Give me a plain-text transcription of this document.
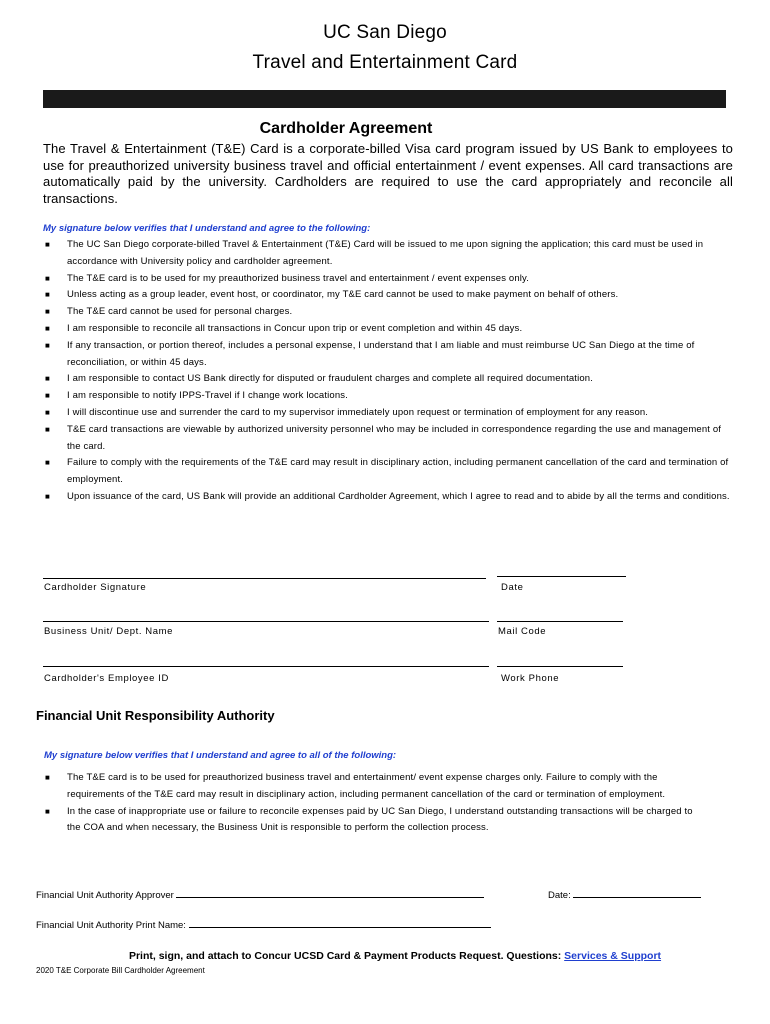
UC San Diego
Travel and Entertainment Card
Cardholder Agreement
The Travel & Entertainment (T&E) Card is a corporate-billed Visa card program issued by US Bank to employees to use for preauthorized university business travel and official entertainment / event expenses. All card transactions are automatically paid by the university. Cardholders are required to use the card appropriately and reconcile all transactions.
My signature below verifies that I understand and agree to the following:
■ The UC San Diego corporate-billed Travel & Entertainment (T&E) Card will be issued to me upon signing the application; this card must be used in accordance with University policy and cardholder agreement.
■ The T&E card is to be used for my preauthorized business travel and entertainment / event expenses only.
■ Unless acting as a group leader, event host, or coordinator, my T&E card cannot be used to make payment on behalf of others.
■ The T&E card cannot be used for personal charges.
■ I am responsible to reconcile all transactions in Concur upon trip or event completion and within 45 days.
■ If any transaction, or portion thereof, includes a personal expense, I understand that I am liable and must reimburse UC San Diego at the time of reconciliation, or within 45 days.
■ I am responsible to contact US Bank directly for disputed or fraudulent charges and complete all required documentation.
■ I am responsible to notify IPPS-Travel if I change work locations.
■ I will discontinue use and surrender the card to my supervisor immediately upon request or termination of employment for any reason.
■ T&E card transactions are viewable by authorized university personnel who may be included in correspondence regarding the use and management of the card.
■ Failure to comply with the requirements of the T&E card may result in disciplinary action, including permanent cancellation of the card and termination of employment.
■ Upon issuance of the card, US Bank will provide an additional Cardholder Agreement, which I agree to read and to abide by all the terms and conditions.
Cardholder Signature	Date
Business Unit/ Dept. Name	Mail Code
Cardholder's Employee ID	Work Phone
Financial Unit Responsibility Authority
My signature below verifies that I understand and agree to all of the following:
■ The T&E card is to be used for preauthorized business travel and entertainment/ event expense charges only. Failure to comply with the requirements of the T&E card may result in disciplinary action, including permanent cancellation of the card or termination of employment.
■ In the case of inappropriate use or failure to reconcile expenses paid by UC San Diego, I understand outstanding transactions will be charged to the COA and when necessary, the Business Unit is responsible to perform the collection process.
Financial Unit Authority Approver	Date:
Financial Unit Authority Print Name:
Print, sign, and attach to Concur UCSD Card & Payment Products Request. Questions: Services & Support
2020 T&E Corporate Bill Cardholder Agreement
